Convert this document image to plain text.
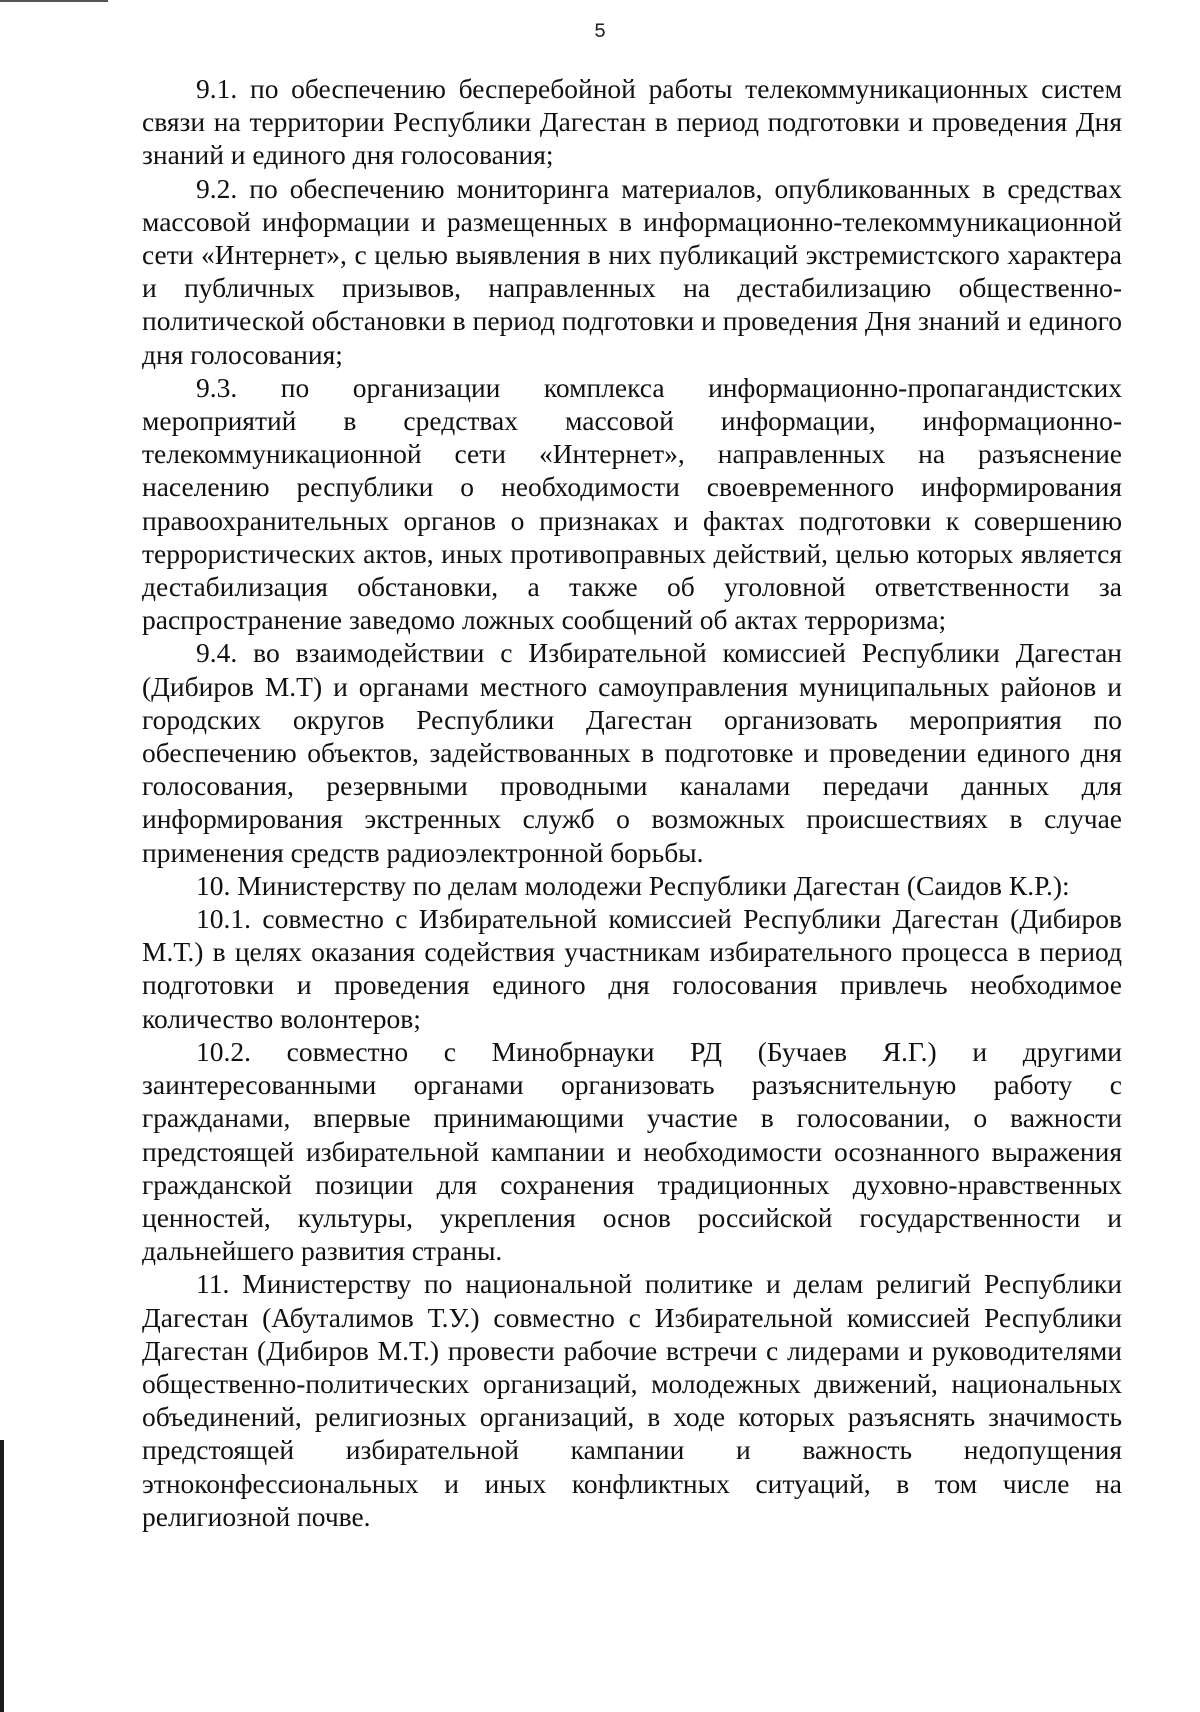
5

9.1. по обеспечению бесперебойной работы телекоммуникационных систем связи на территории Республики Дагестан в период подготовки и проведения Дня знаний и единого дня голосования;

9.2. по обеспечению мониторинга материалов, опубликованных в средствах массовой информации и размещенных в информационно-телекоммуникационной сети «Интернет», с целью выявления в них публикаций экстремистского характера и публичных призывов, направленных на дестабилизацию общественно-политической обстановки в период подготовки и проведения Дня знаний и единого дня голосования;

9.3. по организации комплекса информационно-пропагандистских мероприятий в средствах массовой информации, информационно-телекоммуникационной сети «Интернет», направленных на разъяснение населению республики о необходимости своевременного информирования правоохранительных органов о признаках и фактах подготовки к совершению террористических актов, иных противоправных действий, целью которых является дестабилизация обстановки, а также об уголовной ответственности за распространение заведомо ложных сообщений об актах терроризма;

9.4. во взаимодействии с Избирательной комиссией Республики Дагестан (Дибиров М.Т) и органами местного самоуправления муниципальных районов и городских округов Республики Дагестан организовать мероприятия по обеспечению объектов, задействованных в подготовке и проведении единого дня голосования, резервными проводными каналами передачи данных для информирования экстренных служб о возможных происшествиях в случае применения средств радиоэлектронной борьбы.

10. Министерству по делам молодежи Республики Дагестан (Саидов К.Р.):

10.1. совместно с Избирательной комиссией Республики Дагестан (Дибиров М.Т.) в целях оказания содействия участникам избирательного процесса в период подготовки и проведения единого дня голосования привлечь необходимое количество волонтеров;

10.2. совместно с Минобрнауки РД (Бучаев Я.Г.) и другими заинтересованными органами организовать разъяснительную работу с гражданами, впервые принимающими участие в голосовании, о важности предстоящей избирательной кампании и необходимости осознанного выражения гражданской позиции для сохранения традиционных духовно-нравственных ценностей, культуры, укрепления основ российской государственности и дальнейшего развития страны.

11. Министерству по национальной политике и делам религий Республики Дагестан (Абуталимов Т.У.) совместно с Избирательной комиссией Республики Дагестан (Дибиров М.Т.) провести рабочие встречи с лидерами и руководителями общественно-политических организаций, молодежных движений, национальных объединений, религиозных организаций, в ходе которых разъяснять значимость предстоящей избирательной кампании и важность недопущения этноконфессиональных и иных конфликтных ситуаций, в том числе на религиозной почве.
